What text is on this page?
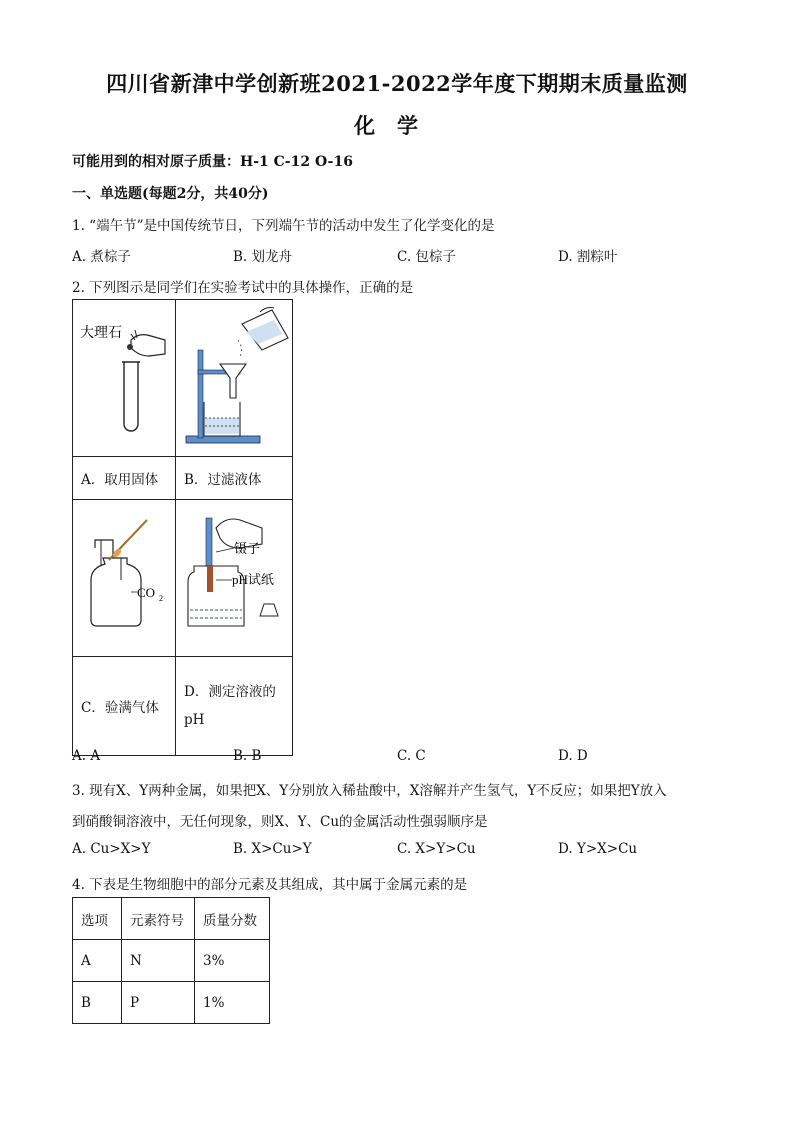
四川省新津中学创新班2021-2022学年度下期期末质量监测
化学
可能用到的相对原子质量：H-1 C-12 O-16
一、单选题(每题2分，共40分)
1. “端午节”是中国传统节日，下列端午节的活动中发生了化学变化的是
A. 煮棕子	B. 划龙舟	C. 包棕子	D. 割粽叶
2. 下列图示是同学们在实验考试中的具体操作，正确的是
大理石

A．取用固体	B．过滤液体

CO 2	镊子
pH试纸

C．验满气体	D．测定溶液的
pH
A. A	B. B	C. C	D. D
3. 现有X、Y两种金属，如果把X、Y分别放入稀盐酸中，X溶解并产生氢气，Y不反应；如果把Y放入
到硝酸铜溶液中，无任何现象，则X、Y、Cu的金属活动性强弱顺序是
A. Cu>X>Y	B. X>Cu>Y	C. X>Y>Cu	D. Y>X>Cu
4. 下表是生物细胞中的部分元素及其组成，其中属于金属元素的是
选项	元素符号	质量分数
A	N	3%
B	P	1%
